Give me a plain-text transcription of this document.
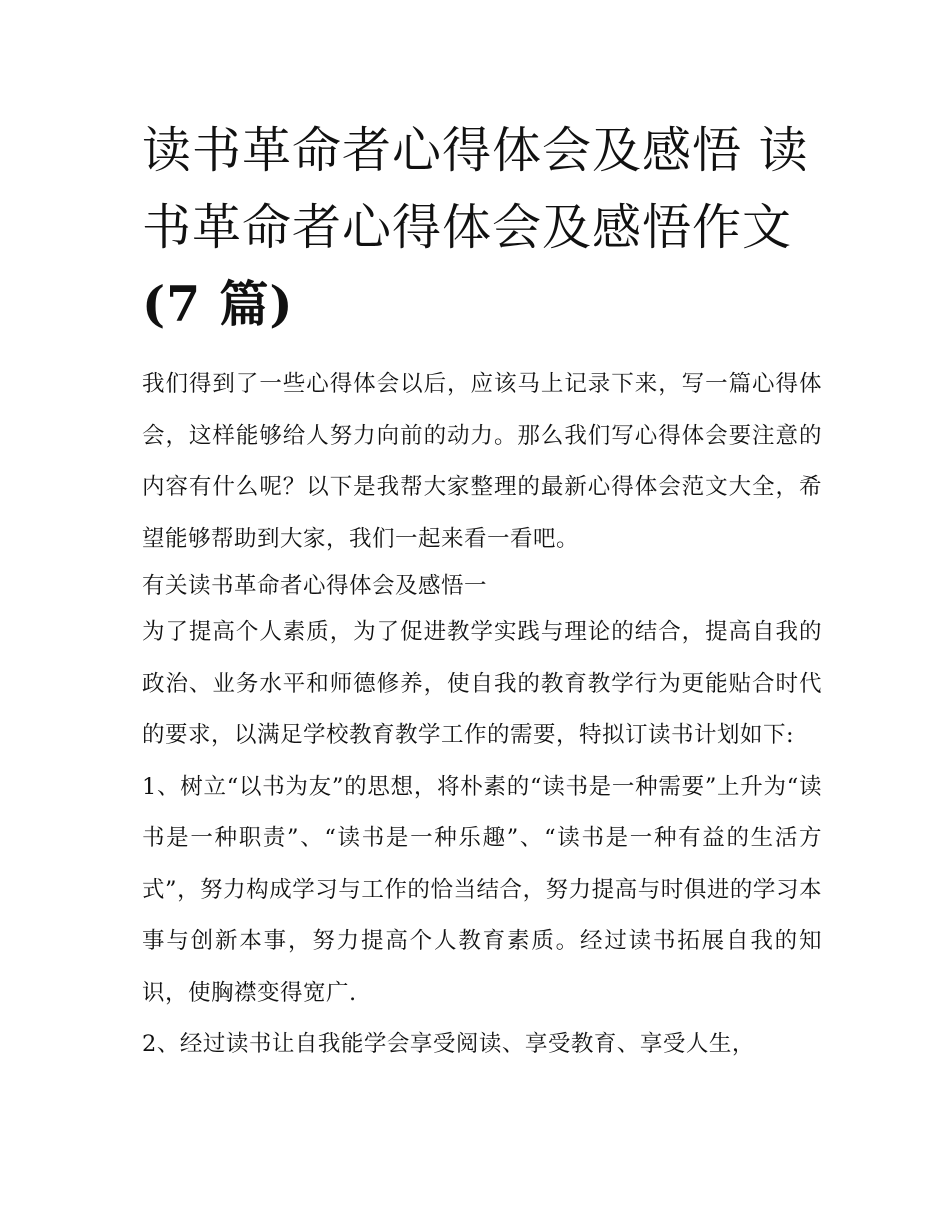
读书革命者心得体会及感悟 读
书革命者心得体会及感悟作文
(7 篇)

我们得到了一些心得体会以后，应该马上记录下来，写一篇心得体会，这样能够给人努力向前的动力。那么我们写心得体会要注意的内容有什么呢？以下是我帮大家整理的最新心得体会范文大全，希望能够帮助到大家，我们一起来看一看吧。

有关读书革命者心得体会及感悟一

为了提高个人素质，为了促进教学实践与理论的结合，提高自我的政治、业务水平和师德修养，使自我的教育教学行为更能贴合时代的要求，以满足学校教育教学工作的需要，特拟订读书计划如下:

1、树立“以书为友”的思想，将朴素的“读书是一种需要”上升为“读书是一种职责”、“读书是一种乐趣”、“读书是一种有益的生活方式”，努力构成学习与工作的恰当结合，努力提高与时俱进的学习本事与创新本事，努力提高个人教育素质。经过读书拓展自我的知识，使胸襟变得宽广.

2、经过读书让自我能学会享受阅读、享受教育、享受人生，
